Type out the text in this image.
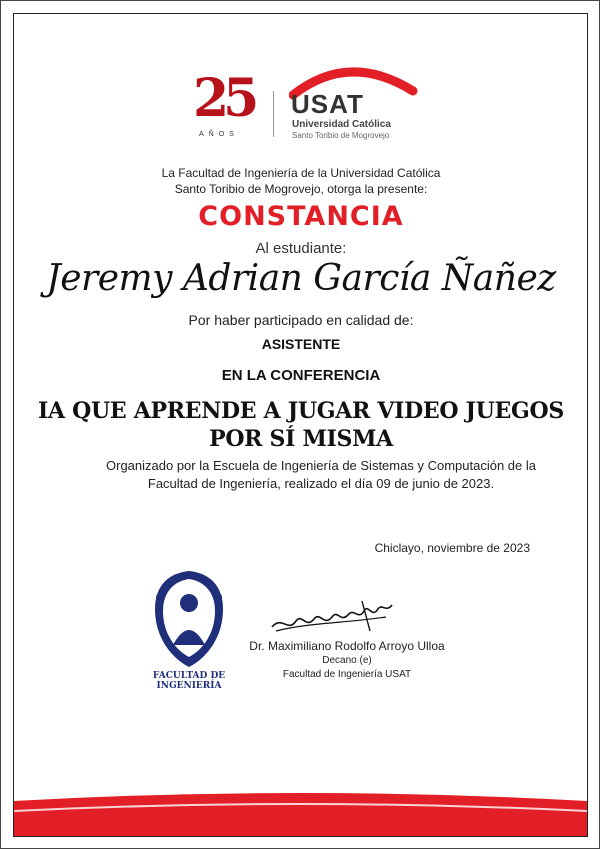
25
AÑOS
USAT
Universidad Católica
Santo Toribio de Mogrovejo
La Facultad de Ingeniería de la Universidad Católica
Santo Toribio de Mogrovejo, otorga la presente:
CONSTANCIA
Al estudiante:
Jeremy Adrian García Ñañez
Por haber participado en calidad de:
ASISTENTE
EN LA CONFERENCIA
IA QUE APRENDE A JUGAR VIDEO JUEGOS
POR SÍ MISMA
Organizado por la Escuela de Ingeniería de Sistemas y Computación de la Facultad de Ingeniería, realizado el día 09 de junio de 2023.
Chiclayo, noviembre de 2023
FACULTAD DE
INGENIERÍA
Dr. Maximiliano Rodolfo Arroyo Ulloa
Decano (e)
Facultad de Ingeniería USAT
